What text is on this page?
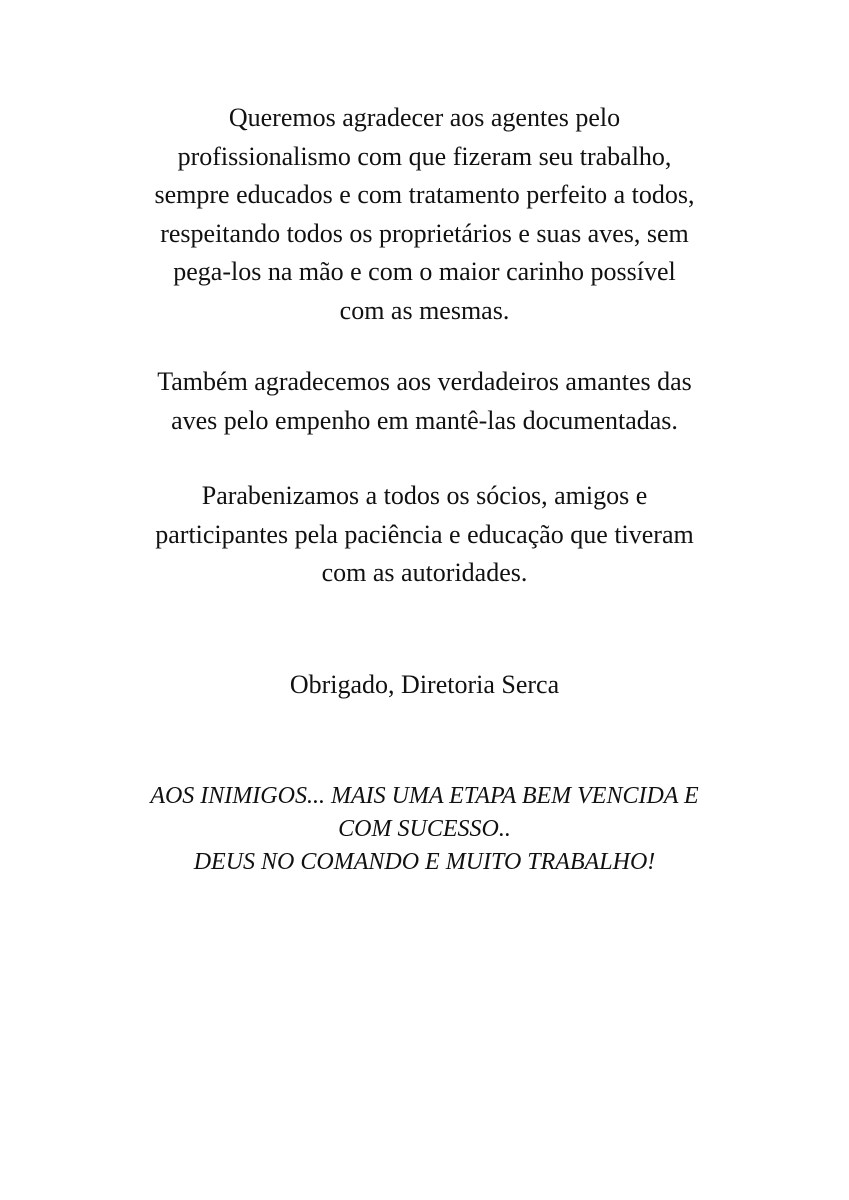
Queremos agradecer aos agentes pelo
profissionalismo com que fizeram seu trabalho,
sempre educados e com tratamento perfeito a todos,
respeitando todos os proprietários e suas aves, sem
pega-los na mão e com o maior carinho possível
com as mesmas.
Também agradecemos aos verdadeiros amantes das
aves pelo empenho em mantê-las documentadas.
Parabenizamos a todos os sócios, amigos e
participantes pela paciência e educação que tiveram
com as autoridades.
Obrigado, Diretoria Serca
AOS INIMIGOS... MAIS UMA ETAPA BEM VENCIDA E
COM SUCESSO..
DEUS NO COMANDO E MUITO TRABALHO!
